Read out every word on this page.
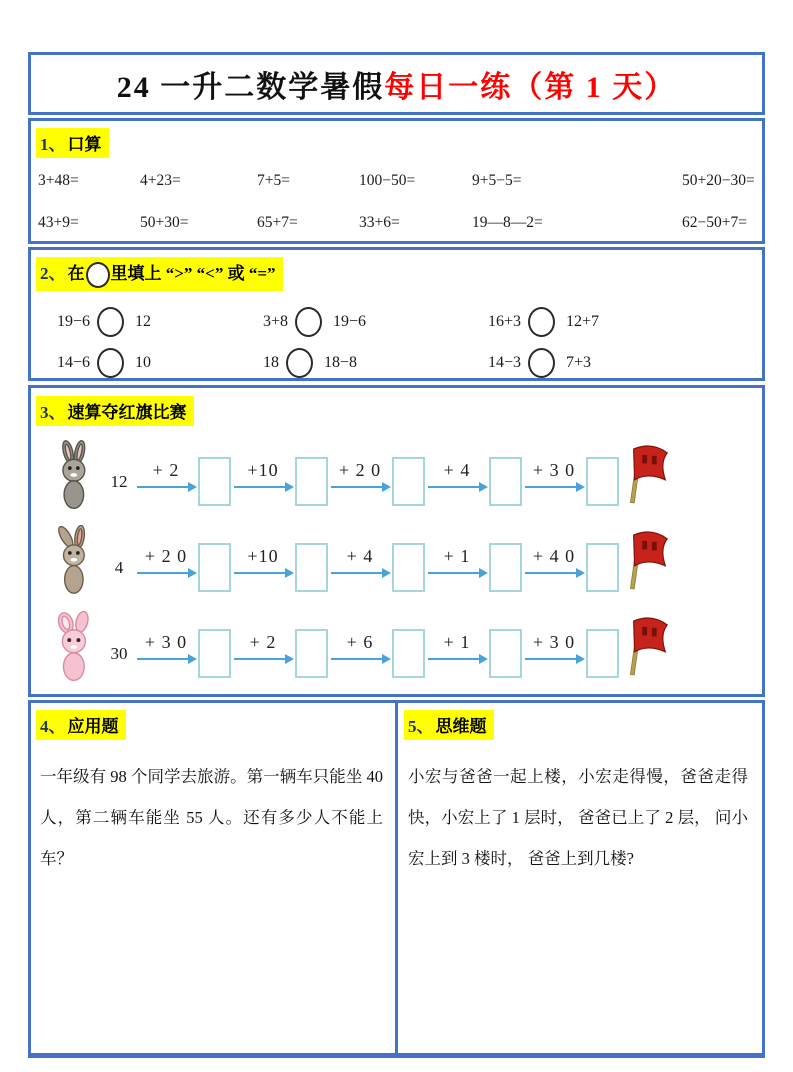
24 一升二数学暑假 每日一练（第 1 天）
1、 口算
3+48=	4+23=	7+5=	100−50=	9+5−5=	50+20−30=
43+9=	50+30=	65+7=	33+6=	19—8—2=	62−50+7=
2、 在 里填上 “>” “<” 或 “=”
19−6	12	3+8	19−6	16+3	12+7
14−6	10	18	18−8	14−3	7+3
3、 速算夺红旗比赛
12
+ 2	+10	+ 2 0	+ 4	+ 3 0
4
+ 2 0	+10	+ 4	+ 1	+ 4 0
30
+ 3 0	+ 2	+ 6	+ 1	+ 3 0
4、 应用题
一年级有 98 个同学去旅游。第一辆车只能坐 40 人，第二辆车能坐 55 人。还有多少人不能上车？
5、 思维题
小宏与爸爸一起上楼，小宏走得慢，爸爸走得快，小宏上了 1 层时， 爸爸已上了 2 层， 问小宏上到 3 楼时， 爸爸上到几楼?
